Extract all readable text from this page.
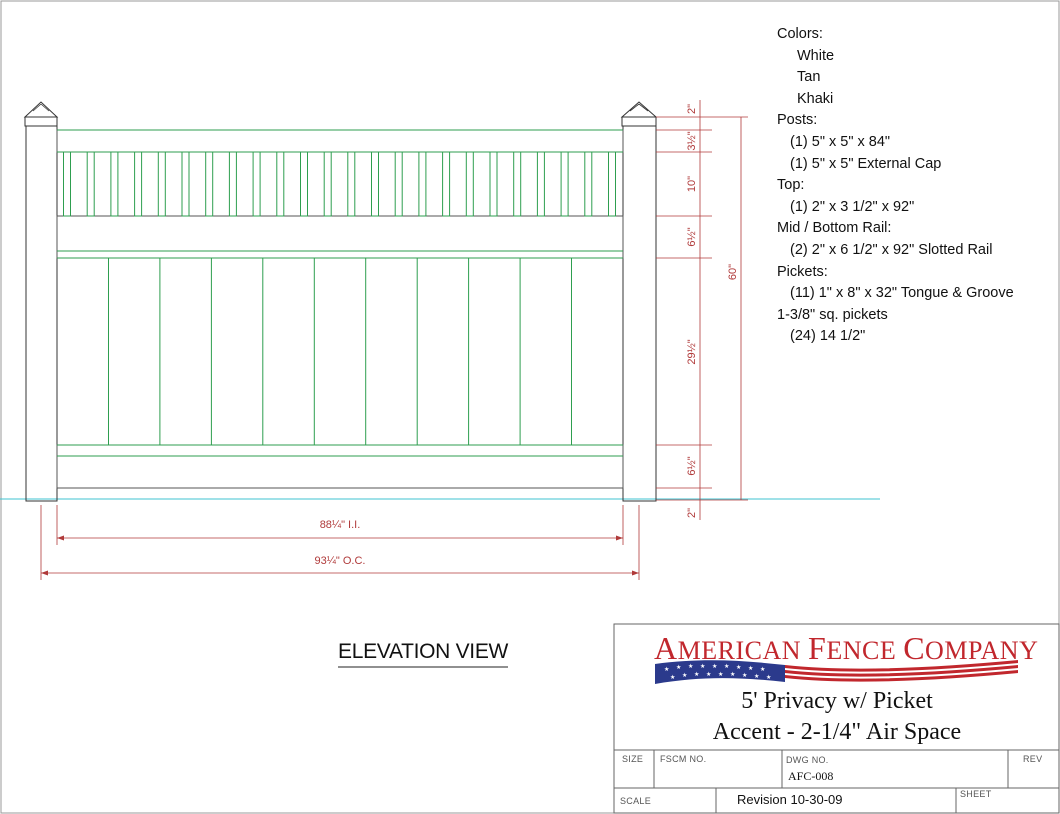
2"
3½"
10"
6½"
29½"
6½"
2"
60"
88¼" I.I.
93¼" O.C.
★ ★ ★ ★ ★ ★ ★ ★ ★
★ ★ ★ ★ ★ ★ ★ ★ ★
Colors:
White
Tan
Khaki
Posts:
(1) 5" x 5" x 84"
(1) 5" x 5" External Cap
Top:
(1) 2" x 3 1/2" x 92"
Mid / Bottom Rail:
(2) 2" x 6 1/2" x 92" Slotted Rail
Pickets:
(11) 1" x 8" x 32" Tongue & Groove
1-3/8" sq. pickets
(24) 14 1/2"
ELEVATION VIEW	AMERICAN FENCE COMPANY
5' Privacy w/ Picket
Accent - 2-1/4" Air Space
SIZE FSCM NO.	DWG NO.
AFC-008
REV
SCALE	Revision 10-30-09	SHEET
